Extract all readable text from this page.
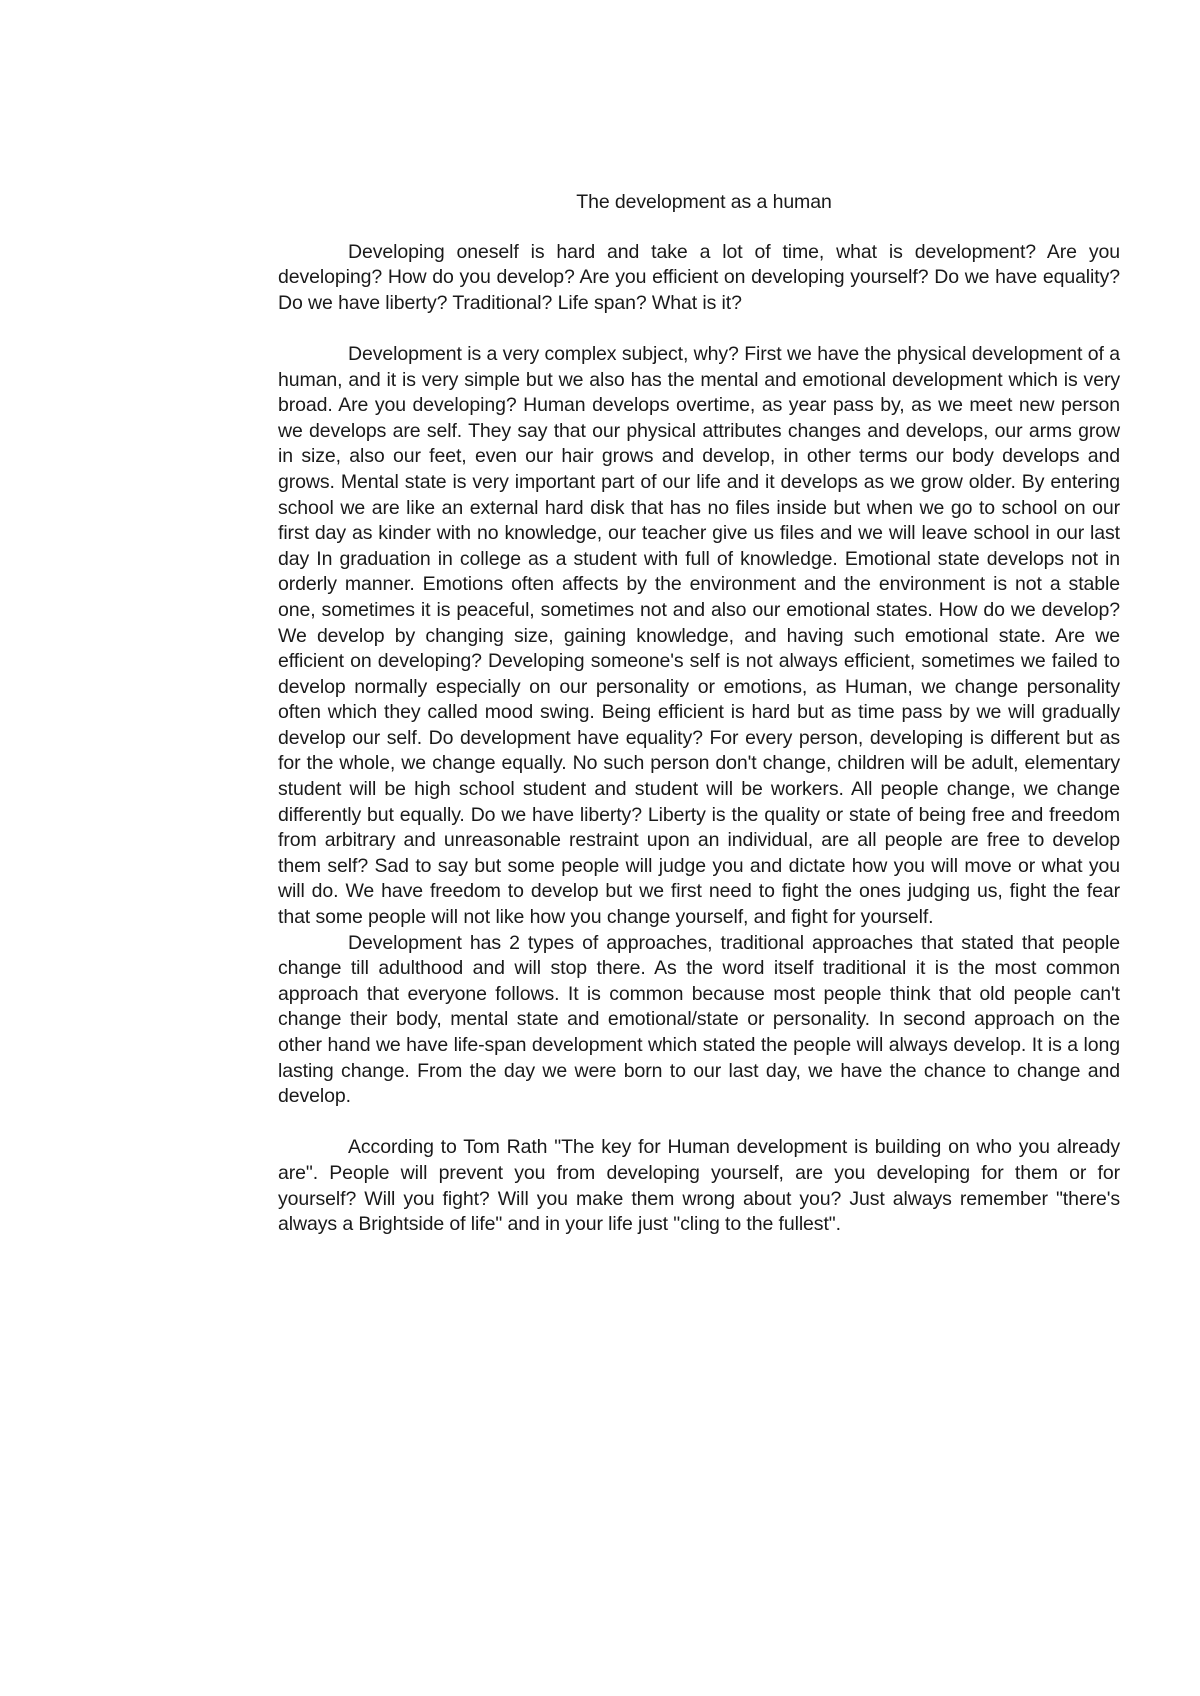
The development as a human

Developing oneself is hard and take a lot of time, what is development? Are you developing? How do you develop? Are you efficient on developing yourself? Do we have equality? Do we have liberty? Traditional? Life span? What is it?

Development is a very complex subject, why? First we have the physical development of a human, and it is very simple but we also has the mental and emotional development which is very broad. Are you developing? Human develops overtime, as year pass by, as we meet new person we develops are self. They say that our physical attributes changes and develops, our arms grow in size, also our feet, even our hair grows and develop, in other terms our body develops and grows. Mental state is very important part of our life and it develops as we grow older. By entering school we are like an external hard disk that has no files inside but when we go to school on our first day as kinder with no knowledge, our teacher give us files and we will leave school in our last day In graduation in college as a student with full of knowledge. Emotional state develops not in orderly manner. Emotions often affects by the environment and the environment is not a stable one, sometimes it is peaceful, sometimes not and also our emotional states. How do we develop? We develop by changing size, gaining knowledge, and having such emotional state. Are we efficient on developing? Developing someone's self is not always efficient, sometimes we failed to develop normally especially on our personality or emotions, as Human, we change personality often which they called mood swing. Being efficient is hard but as time pass by we will gradually develop our self. Do development have equality? For every person, developing is different but as for the whole, we change equally. No such person don't change, children will be adult, elementary student will be high school student and student will be workers. All people change, we change differently but equally. Do we have liberty? Liberty is the quality or state of being free and freedom from arbitrary and unreasonable restraint upon an individual, are all people are free to develop them self? Sad to say but some people will judge you and dictate how you will move or what you will do. We have freedom to develop but we first need to fight the ones judging us, fight the fear that some people will not like how you change yourself, and fight for yourself.

Development has 2 types of approaches, traditional approaches that stated that people change till adulthood and will stop there. As the word itself traditional it is the most common approach that everyone follows. It is common because most people think that old people can't change their body, mental state and emotional/state or personality. In second approach on the other hand we have life-span development which stated the people will always develop. It is a long lasting change. From the day we were born to our last day, we have the chance to change and develop.

According to Tom Rath "The key for Human development is building on who you already are". People will prevent you from developing yourself, are you developing for them or for yourself? Will you fight? Will you make them wrong about you? Just always remember "there's always a Brightside of life" and in your life just "cling to the fullest".
